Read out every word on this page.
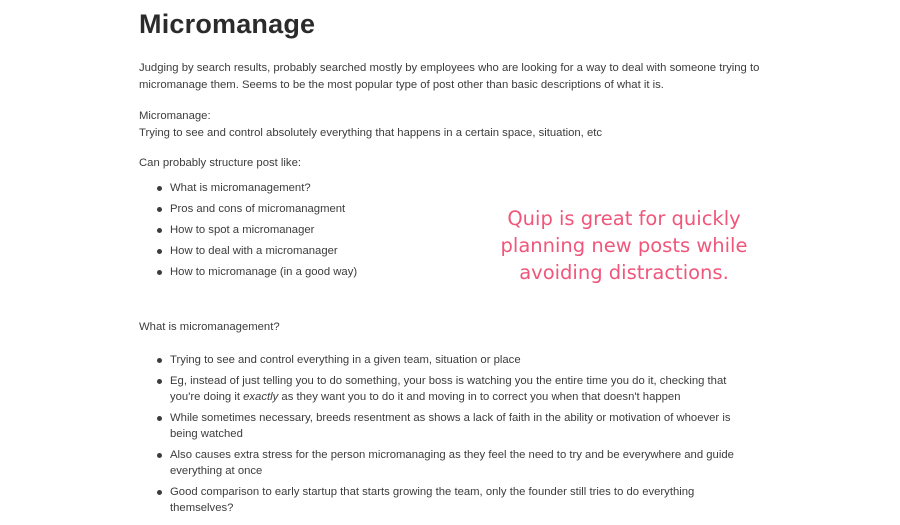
Micromanage
Judging by search results, probably searched mostly by employees who are looking for a way to deal with someone trying to
micromanage them. Seems to be the most popular type of post other than basic descriptions of what it is.
Micromanage:
Trying to see and control absolutely everything that happens in a certain space, situation, etc
Can probably structure post like:
What is micromanagement?
Pros and cons of micromanagment
How to spot a micromanager
How to deal with a micromanager
How to micromanage (in a good way)
What is micromanagement?
Trying to see and control everything in a given team, situation or place
Eg, instead of just telling you to do something, your boss is watching you the entire time you do it, checking that
you're doing it exactly as they want you to do it and moving in to correct you when that doesn't happen
While sometimes necessary, breeds resentment as shows a lack of faith in the ability or motivation of whoever is
being watched
Also causes extra stress for the person micromanaging as they feel the need to try and be everywhere and guide
everything at once
Good comparison to early startup that starts growing the team, only the founder still tries to do everything
themselves?
Quip is great for quickly
planning new posts while
avoiding distractions.
